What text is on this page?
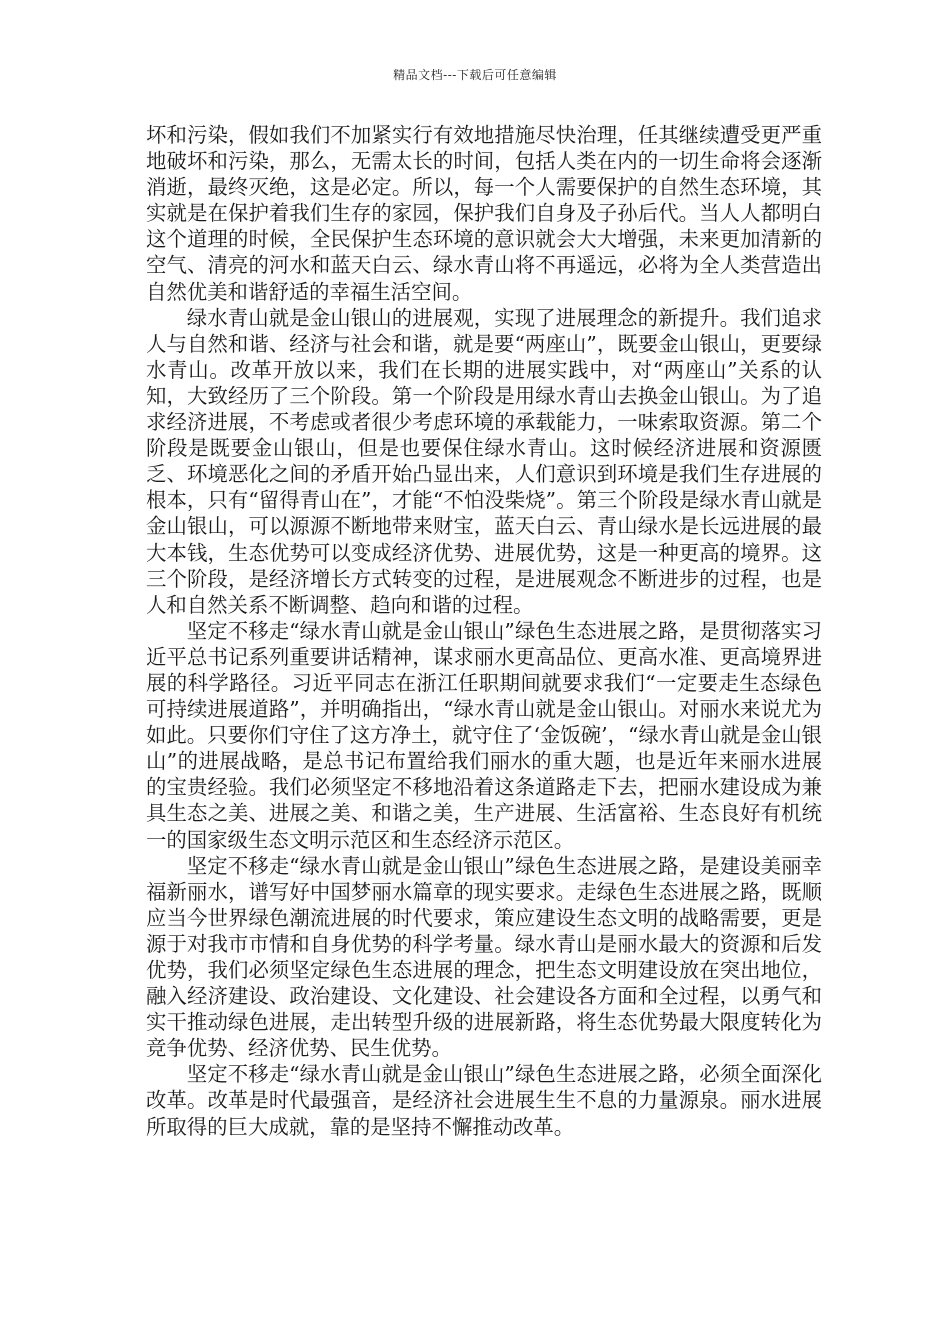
精品文档---下载后可任意编辑

坏和污染，假如我们不加紧实行有效地措施尽快治理，任其继续遭受更严重地破坏和污染，那么，无需太长的时间，包括人类在内的一切生命将会逐渐消逝，最终灭绝，这是必定。所以，每一个人需要保护的自然生态环境，其实就是在保护着我们生存的家园，保护我们自身及子孙后代。当人人都明白这个道理的时候，全民保护生态环境的意识就会大大增强，未来更加清新的空气、清亮的河水和蓝天白云、绿水青山将不再遥远，必将为全人类营造出自然优美和谐舒适的幸福生活空间。

绿水青山就是金山银山的进展观，实现了进展理念的新提升。我们追求人与自然和谐、经济与社会和谐，就是要“两座山”，既要金山银山，更要绿水青山。改革开放以来，我们在长期的进展实践中，对“两座山”关系的认知，大致经历了三个阶段。第一个阶段是用绿水青山去换金山银山。为了追求经济进展，不考虑或者很少考虑环境的承载能力，一味索取资源。第二个阶段是既要金山银山，但是也要保住绿水青山。这时候经济进展和资源匮乏、环境恶化之间的矛盾开始凸显出来，人们意识到环境是我们生存进展的根本，只有“留得青山在”，才能“不怕没柴烧”。第三个阶段是绿水青山就是金山银山，可以源源不断地带来财宝，蓝天白云、青山绿水是长远进展的最大本钱，生态优势可以变成经济优势、进展优势，这是一种更高的境界。这三个阶段，是经济增长方式转变的过程，是进展观念不断进步的过程，也是人和自然关系不断调整、趋向和谐的过程。

坚定不移走“绿水青山就是金山银山”绿色生态进展之路，是贯彻落实习近平总书记系列重要讲话精神，谋求丽水更高品位、更高水准、更高境界进展的科学路径。习近平同志在浙江任职期间就要求我们“一定要走生态绿色可持续进展道路”，并明确指出，“绿水青山就是金山银山。对丽水来说尤为如此。只要你们守住了这方净土，就守住了‘金饭碗’，“绿水青山就是金山银山”的进展战略，是总书记布置给我们丽水的重大题，也是近年来丽水进展的宝贵经验。我们必须坚定不移地沿着这条道路走下去，把丽水建设成为兼具生态之美、进展之美、和谐之美，生产进展、生活富裕、生态良好有机统一的国家级生态文明示范区和生态经济示范区。

坚定不移走“绿水青山就是金山银山”绿色生态进展之路，是建设美丽幸福新丽水，谱写好中国梦丽水篇章的现实要求。走绿色生态进展之路，既顺应当今世界绿色潮流进展的时代要求，策应建设生态文明的战略需要，更是源于对我市市情和自身优势的科学考量。绿水青山是丽水最大的资源和后发优势，我们必须坚定绿色生态进展的理念，把生态文明建设放在突出地位，融入经济建设、政治建设、文化建设、社会建设各方面和全过程，以勇气和实干推动绿色进展，走出转型升级的进展新路，将生态优势最大限度转化为竞争优势、经济优势、民生优势。

坚定不移走“绿水青山就是金山银山”绿色生态进展之路，必须全面深化改革。改革是时代最强音，是经济社会进展生生不息的力量源泉。丽水进展所取得的巨大成就，靠的是坚持不懈推动改革。
